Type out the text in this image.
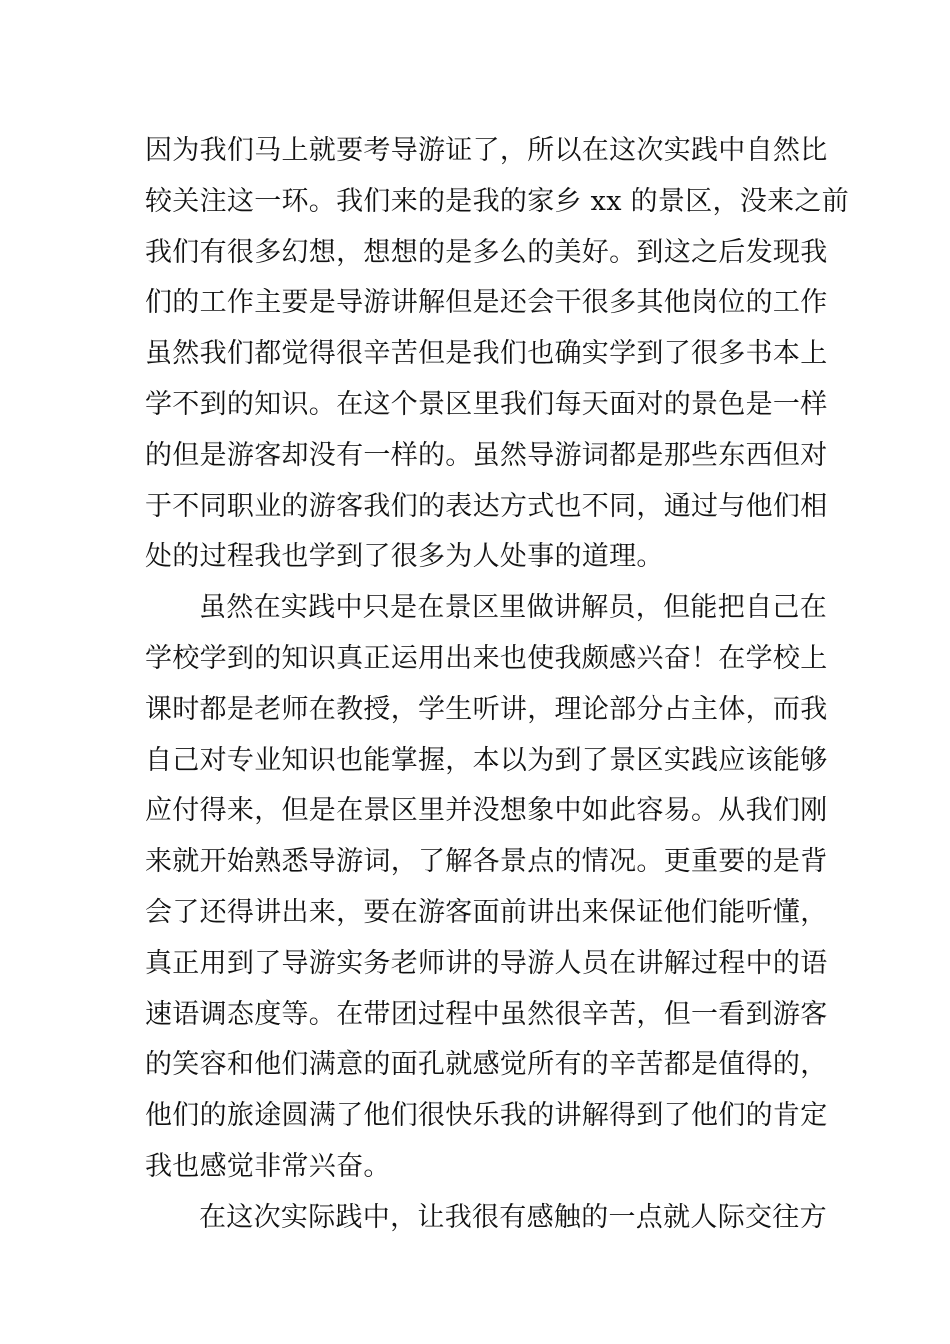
因为我们马上就要考导游证了，所以在这次实践中自然比
较关注这一环。我们来的是我的家乡 xx 的景区，没来之前
我们有很多幻想，想想的是多么的美好。到这之后发现我
们的工作主要是导游讲解但是还会干很多其他岗位的工作
虽然我们都觉得很辛苦但是我们也确实学到了很多书本上
学不到的知识。在这个景区里我们每天面对的景色是一样
的但是游客却没有一样的。虽然导游词都是那些东西但对
于不同职业的游客我们的表达方式也不同，通过与他们相
处的过程我也学到了很多为人处事的道理。
虽然在实践中只是在景区里做讲解员，但能把自己在
学校学到的知识真正运用出来也使我颇感兴奋！在学校上
课时都是老师在教授，学生听讲，理论部分占主体，而我
自己对专业知识也能掌握，本以为到了景区实践应该能够
应付得来，但是在景区里并没想象中如此容易。从我们刚
来就开始熟悉导游词，了解各景点的情况。更重要的是背
会了还得讲出来，要在游客面前讲出来保证他们能听懂，
真正用到了导游实务老师讲的导游人员在讲解过程中的语
速语调态度等。在带团过程中虽然很辛苦，但一看到游客
的笑容和他们满意的面孔就感觉所有的辛苦都是值得的，
他们的旅途圆满了他们很快乐我的讲解得到了他们的肯定
我也感觉非常兴奋。
在这次实际践中，让我很有感触的一点就人际交往方
